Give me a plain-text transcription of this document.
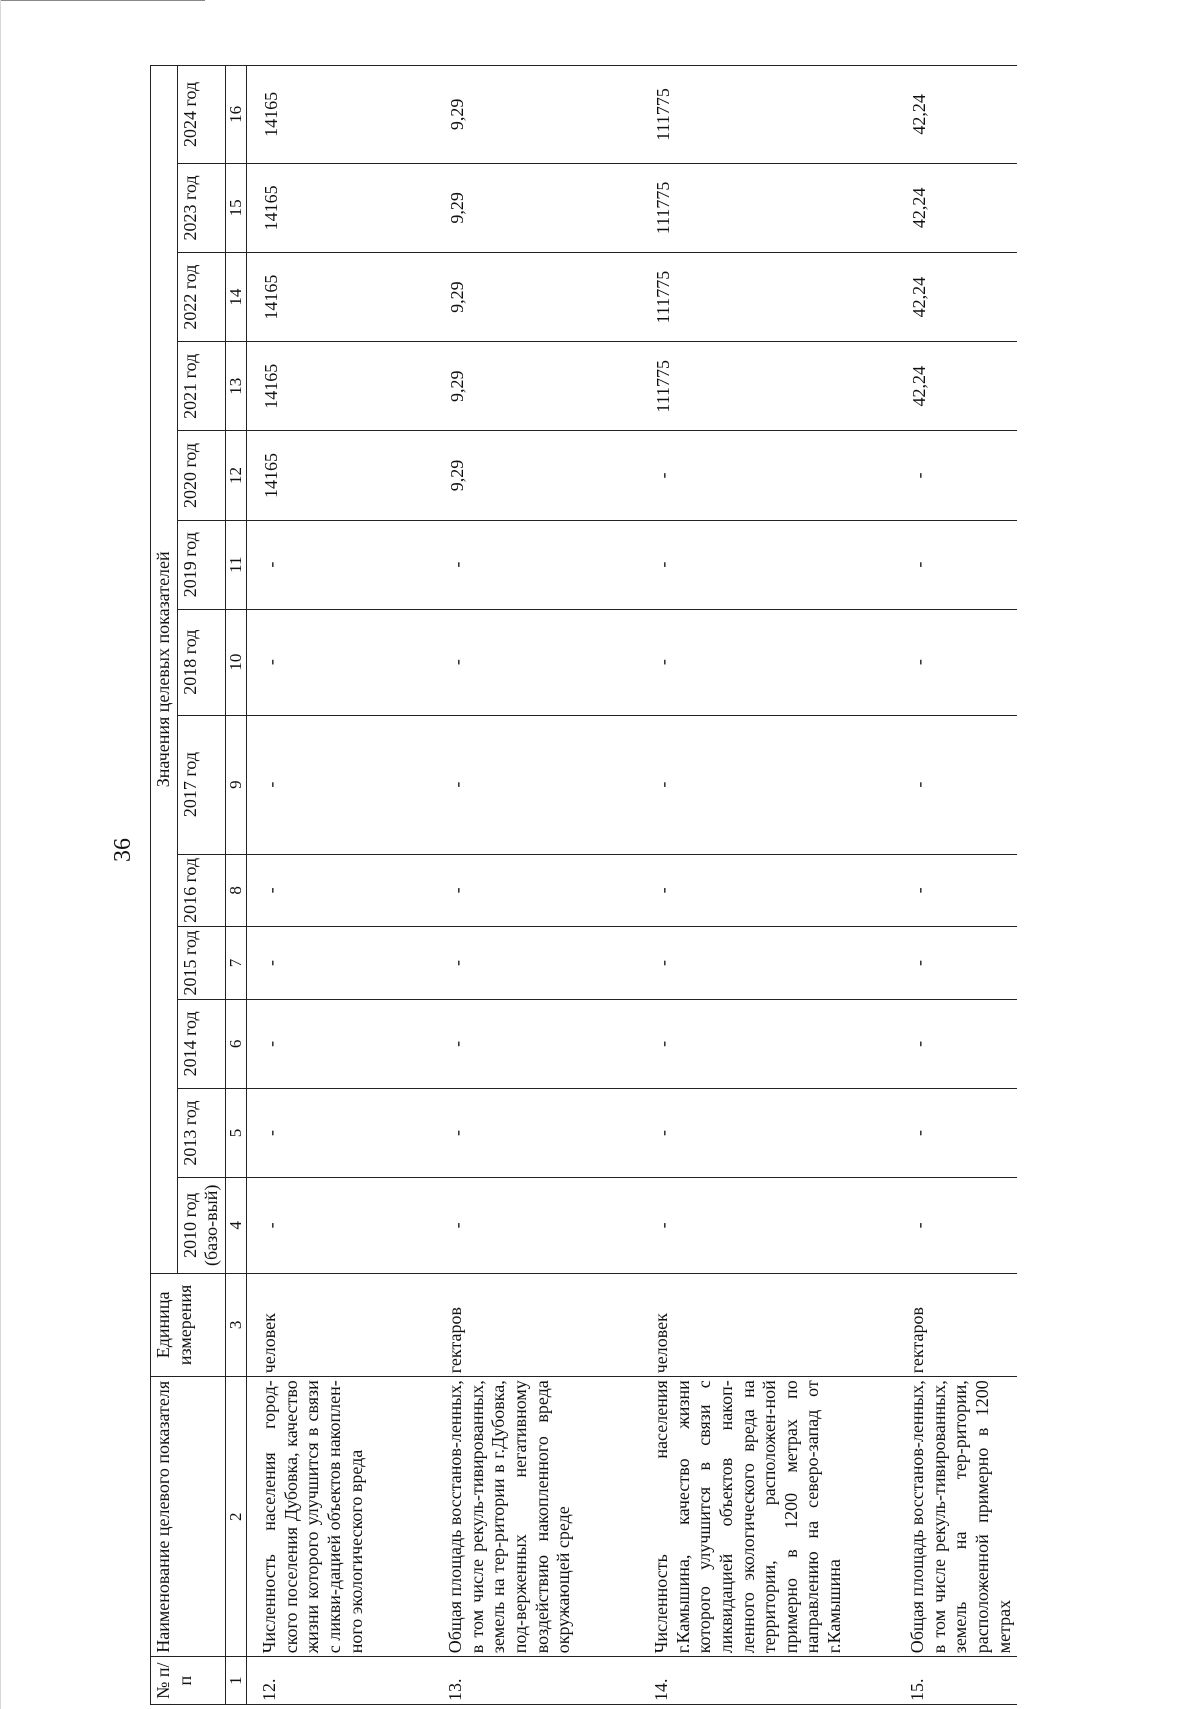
36
№ п/п	Наименование целевого показателя	Единица измерения	Значения целевых показателей												
			2010 год (базо-вый)	2013 год	2014 год	2015 год	2016 год	2017 год	2018 год	2019 год	2020 год	2021 год	2022 год	2023 год	2024 год
1	2	3	4	5	6	7	8	9	10	11	12	13	14	15	16
12.	Численность населения город-ского поселения Дубовка, качество жизни которого улучшится в связи с ликви-дацией объектов накоплен-ного экологического вреда	человек	-	-	-	-	-	-	-	-	14165	14165	14165	14165	14165
13.	Общая площадь восстанов-ленных, в том числе рекуль-тивированных, земель на тер-ритории в г.Дубовка, под-верженных негативному воздействию накопленного вреда окружающей среде	гектаров	-	-	-	-	-	-	-	-	9,29	9,29	9,29	9,29	9,29
14.	Численность населения г.Камышина, качество жизни которого улучшится в связи с ликвидацией объектов накоп-ленного экологического вреда на территории, расположен-ной примерно в 1200 метрах по направлению на северо-запад от г.Камышина	человек	-	-	-	-	-	-	-	-	-	111775	111775	111775	111775
15.	Общая площадь восстанов-ленных, в том числе рекуль-тивированных, земель на тер-ритории, расположенной примерно в 1200 метрах	гектаров	-	-	-	-	-	-	-	-	-	42,24	42,24	42,24	42,24
